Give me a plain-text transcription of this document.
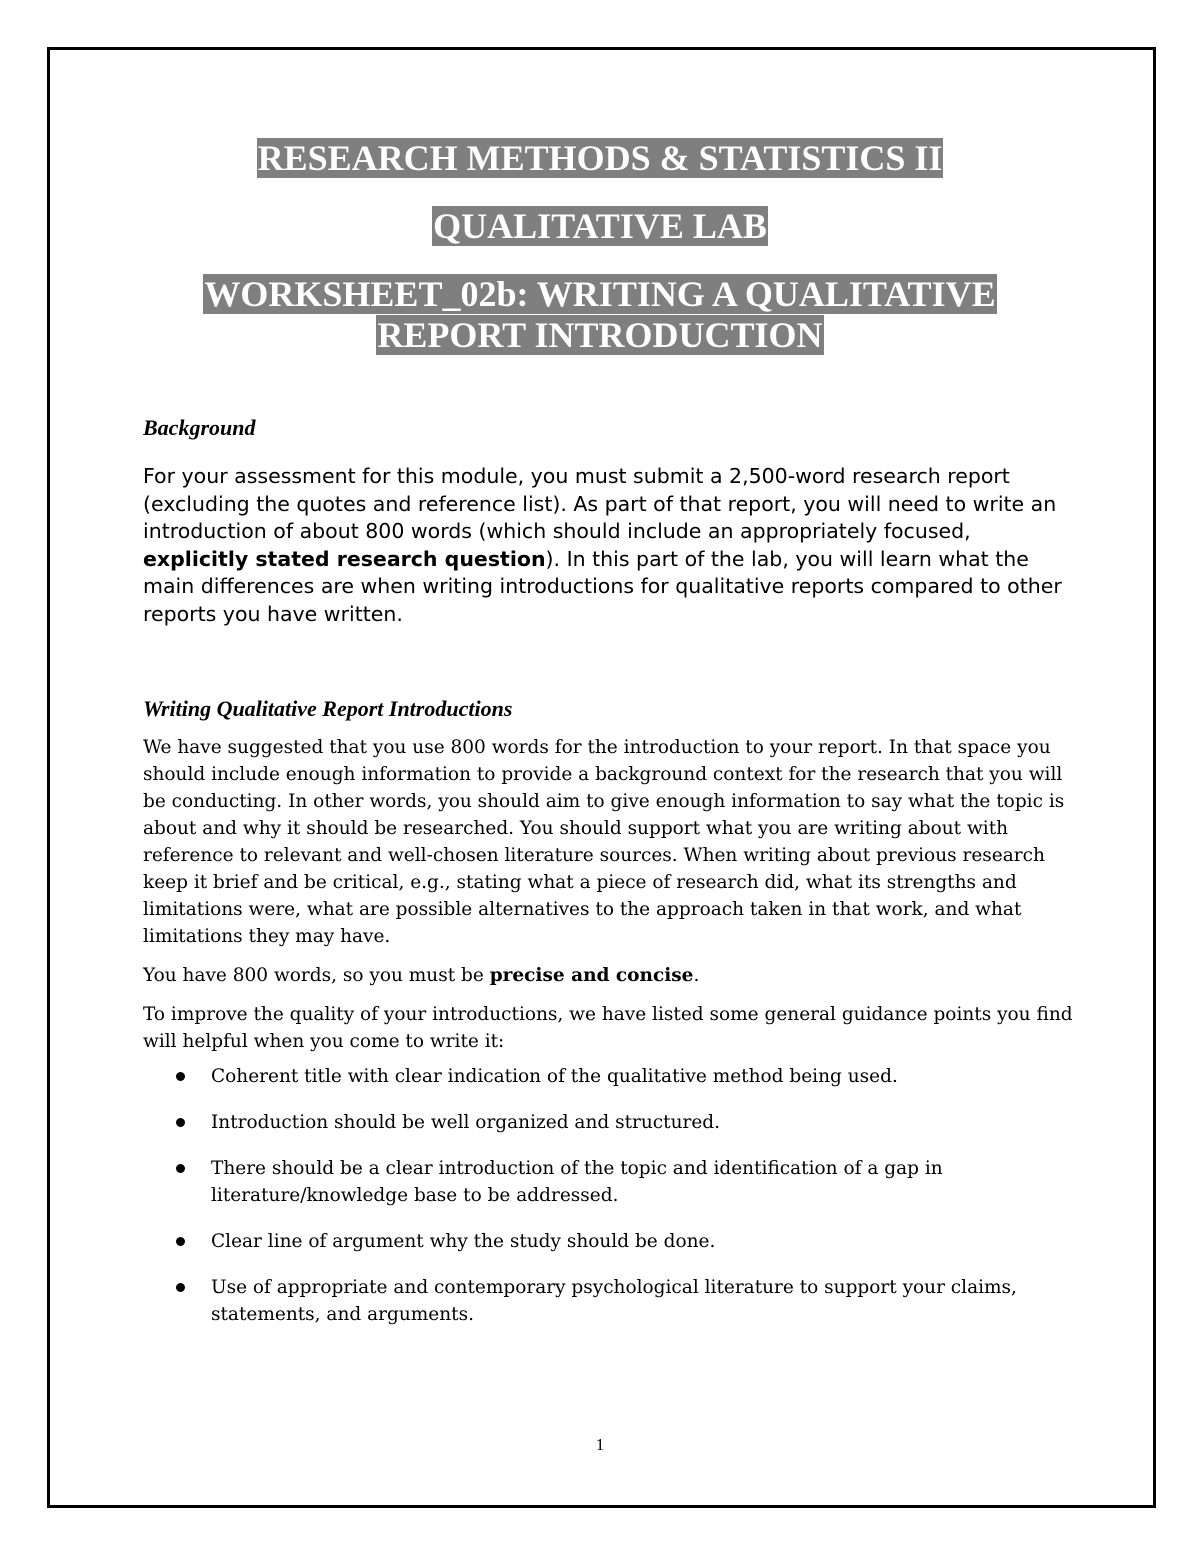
RESEARCH METHODS & STATISTICS II
QUALITATIVE LAB
WORKSHEET_02b: WRITING A QUALITATIVE
REPORT INTRODUCTION
Background

For your assessment for this module, you must submit a 2,500-word research report (excluding the quotes and reference list). As part of that report, you will need to write an introduction of about 800 words (which should include an appropriately focused, explicitly stated research question). In this part of the lab, you will learn what the main differences are when writing introductions for qualitative reports compared to other reports you have written.

Writing Qualitative Report Introductions

We have suggested that you use 800 words for the introduction to your report. In that space you should include enough information to provide a background context for the research that you will be conducting. In other words, you should aim to give enough information to say what the topic is about and why it should be researched. You should support what you are writing about with reference to relevant and well-chosen literature sources. When writing about previous research keep it brief and be critical, e.g., stating what a piece of research did, what its strengths and limitations were, what are possible alternatives to the approach taken in that work, and what limitations they may have.

You have 800 words, so you must be precise and concise.

To improve the quality of your introductions, we have listed some general guidance points you find will helpful when you come to write it:

Coherent title with clear indication of the qualitative method being used.
Introduction should be well organized and structured.
There should be a clear introduction of the topic and identification of a gap in literature/knowledge base to be addressed.
Clear line of argument why the study should be done.
Use of appropriate and contemporary psychological literature to support your claims, statements, and arguments.
1
